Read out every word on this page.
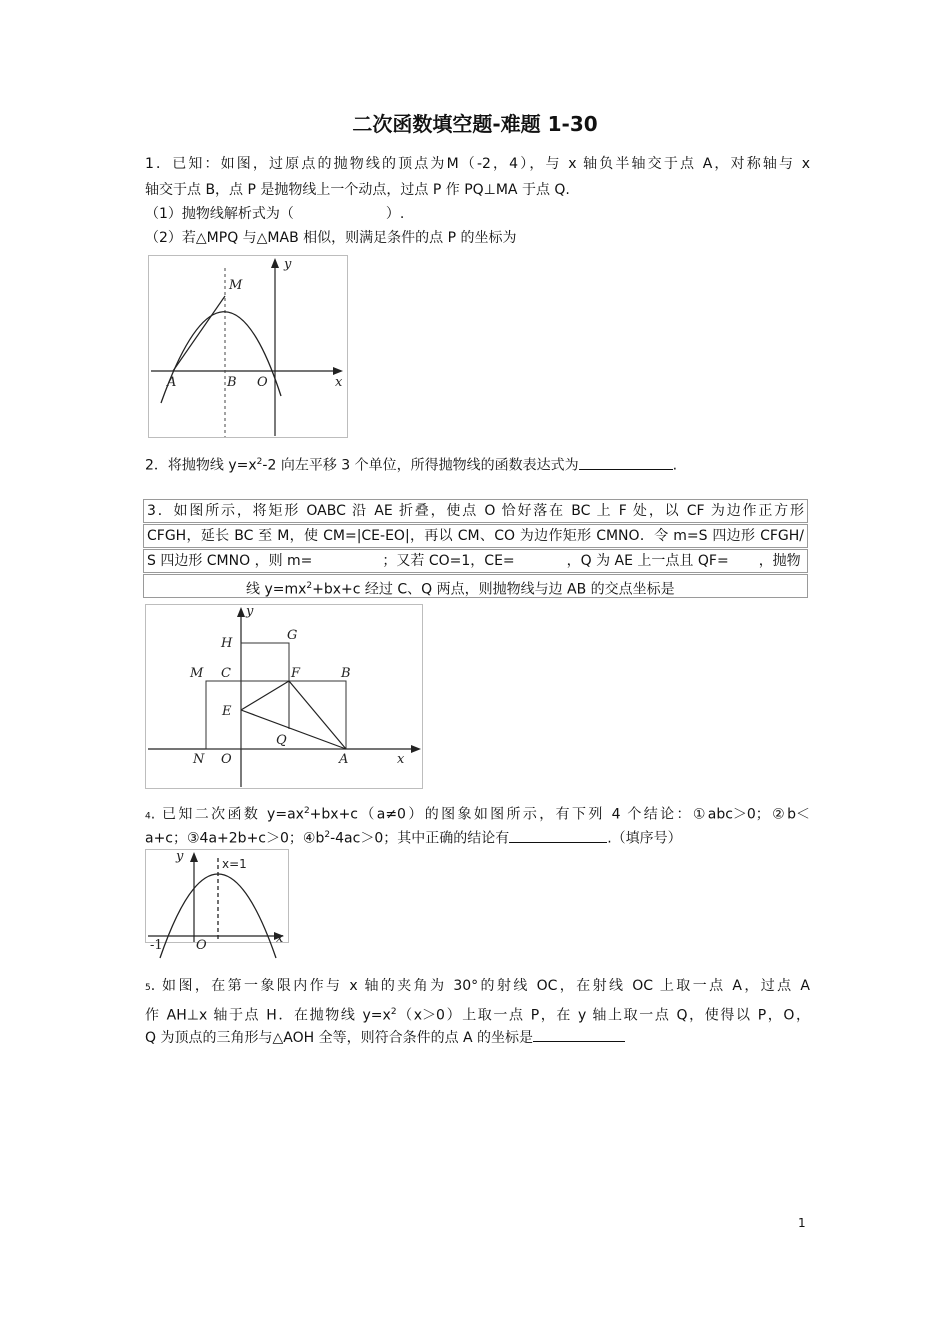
二次函数填空题-难题 1-30
1．已知：如图，过原点的抛物线的顶点为M（-2，4），与 x 轴负半轴交于点 A，对称轴与 x
轴交于点 B，点 P 是抛物线上一个动点，过点 P 作 PQ⊥MA 于点 Q.
（1）抛物线解析式为（	）.
（2）若△MPQ 与△MAB 相似，则满足条件的点 P 的坐标为
M
y
A	B O	x
2．将抛物线 $y=x^2-2$ 向左平移 3 个单位，所得抛物线的函数表达式为	.
3．如图所示，将矩形 OABC 沿 AE 折叠，使点 O 恰好落在 BC 上 F 处，以 CF 为边作正方形
CFGH，延长 BC 至 M，使 CM=|CE-EO|，再以 CM、CO 为边作矩形 CMNO．令 m=S 四边形 CFGH/
S 四边形 CMNO ，则 m=	；又若 CO=1，CE=	，Q 为 AE 上一点且 QF= ，抛物
线 $y=mx^2+bx+c$ 经过 C、Q 两点，则抛物线与边 AB 的交点坐标是
y
H
G
M C	F	B
E
Q
N O	A	x
4. 已知二次函数 $y=ax^2+bx+c(a\ne 0)$的图象如图所示，有下列 4 个结论：①abc＞0；②b＜
a+c；③4a+2b+c＞0；$④b^2-4ac>0$；其中正确的结论有	.（填序号）
y	x=1
-1	O	x
5. 如图，在第一象限内作与 x 轴的夹角为 30°的射线 OC，在射线 OC 上取一点 A，过点 A
作 AH⊥x 轴于点 H．在抛物线 $y=x^2(x>0)$上取一点 P，在 y 轴上取一点 Q，使得以 P，O，
Q 为顶点的三角形与△AOH 全等，则符合条件的点 A 的坐标是
1
